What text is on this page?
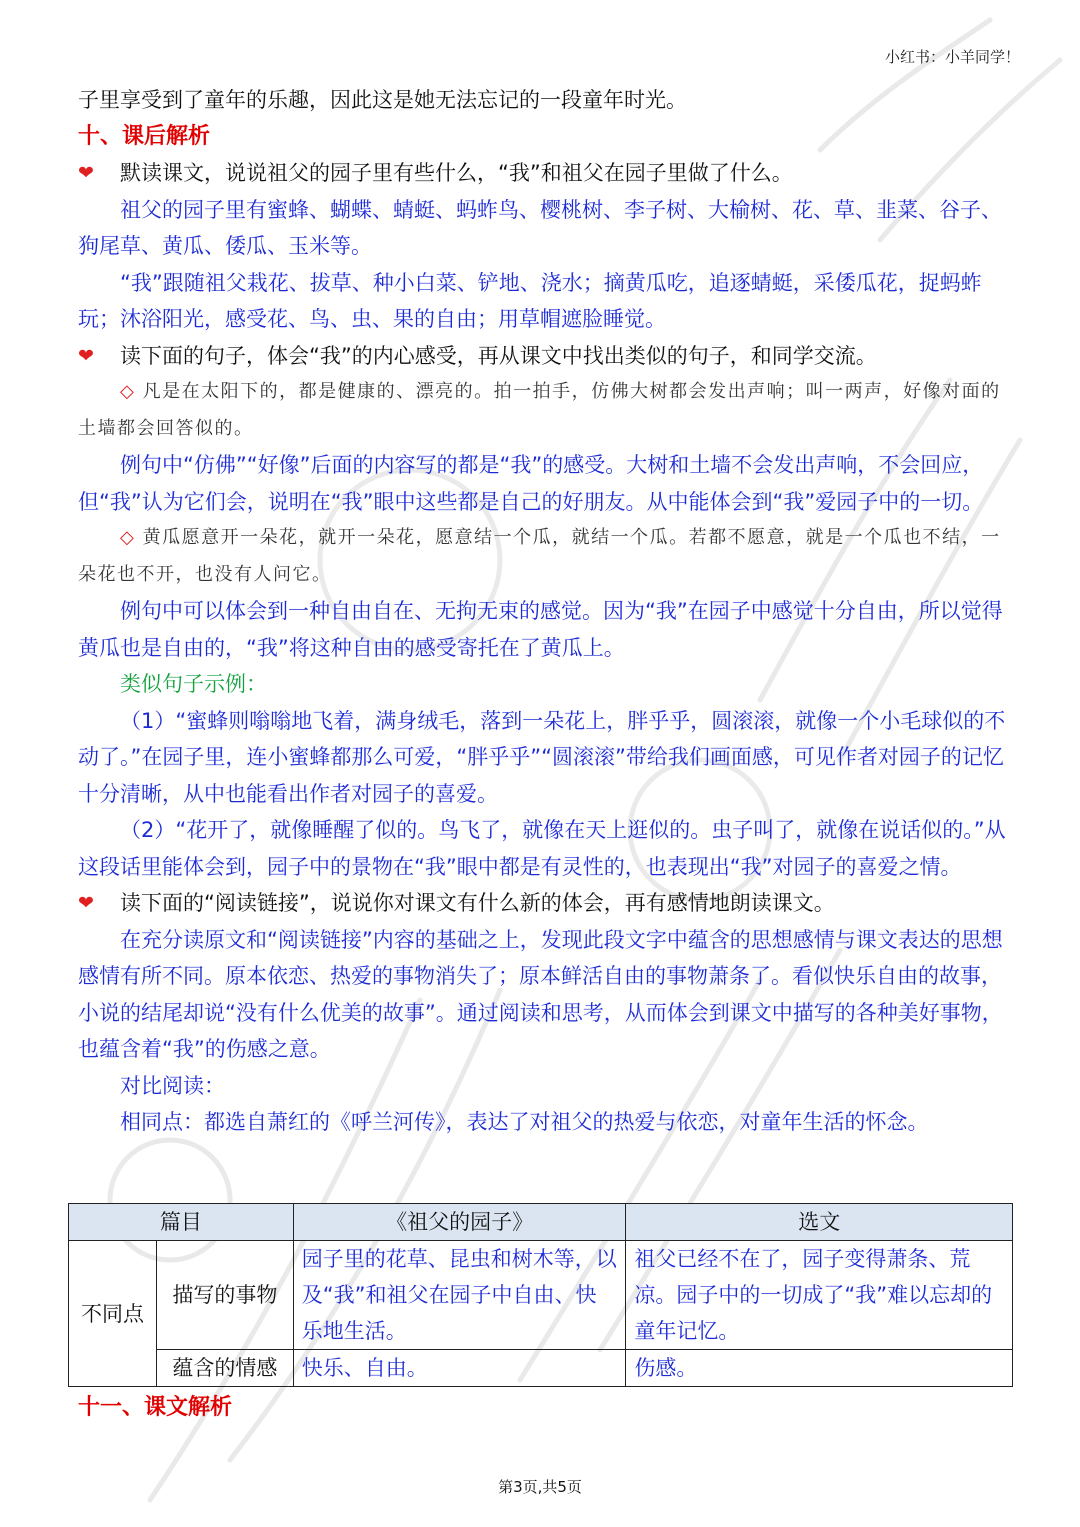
小红书：小羊同学！

子里享受到了童年的乐趣，因此这是她无法忘记的一段童年时光。

十、课后解析

❤ 默读课文，说说祖父的园子里有些什么，“我”和祖父在园子里做了什么。

祖父的园子里有蜜蜂、蝴蝶、蜻蜓、蚂蚱鸟、樱桃树、李子树、大榆树、花、草、韭菜、谷子、狗尾草、黄瓜、倭瓜、玉米等。

“我”跟随祖父栽花、拔草、种小白菜、铲地、浇水；摘黄瓜吃，追逐蜻蜓，采倭瓜花，捉蚂蚱玩；沐浴阳光，感受花、鸟、虫、果的自由；用草帽遮脸睡觉。

❤ 读下面的句子，体会“我”的内心感受，再从课文中找出类似的句子，和同学交流。

◇ 凡是在太阳下的，都是健康的、漂亮的。拍一拍手，仿佛大树都会发出声响；叫一两声，好像对面的土墙都会回答似的。

例句中“仿佛”“好像”后面的内容写的都是“我”的感受。大树和土墙不会发出声响，不会回应，但“我”认为它们会，说明在“我”眼中这些都是自己的好朋友。从中能体会到“我”爱园子中的一切。

◇ 黄瓜愿意开一朵花，就开一朵花，愿意结一个瓜，就结一个瓜。若都不愿意，就是一个瓜也不结，一朵花也不开，也没有人问它。

例句中可以体会到一种自由自在、无拘无束的感觉。因为“我”在园子中感觉十分自由，所以觉得黄瓜也是自由的，“我”将这种自由的感受寄托在了黄瓜上。

类似句子示例：

（1）“蜜蜂则嗡嗡地飞着，满身绒毛，落到一朵花上，胖乎乎，圆滚滚，就像一个小毛球似的不动了。”在园子里，连小蜜蜂都那么可爱，“胖乎乎”“圆滚滚”带给我们画面感，可见作者对园子的记忆十分清晰，从中也能看出作者对园子的喜爱。

（2）“花开了，就像睡醒了似的。鸟飞了，就像在天上逛似的。虫子叫了，就像在说话似的。”从这段话里能体会到，园子中的景物在“我”眼中都是有灵性的，也表现出“我”对园子的喜爱之情。

❤ 读下面的“阅读链接”，说说你对课文有什么新的体会，再有感情地朗读课文。

在充分读原文和“阅读链接”内容的基础之上，发现此段文字中蕴含的思想感情与课文表达的思想感情有所不同。原本依恋、热爱的事物消失了；原本鲜活自由的事物萧条了。看似快乐自由的故事，小说的结尾却说“没有什么优美的故事”。通过阅读和思考，从而体会到课文中描写的各种美好事物，也蕴含着“我”的伤感之意。

对比阅读：

相同点：都选自萧红的《呼兰河传》，表达了对祖父的热爱与依恋，对童年生活的怀念。

篇目		《祖父的园子》	选文
不同点	描写的事物	园子里的花草、昆虫和树木等，以及“我”和祖父在园子中自由、快乐地生活。	祖父已经不在了，园子变得萧条、荒凉。园子中的一切成了“我”难以忘却的童年记忆。
	蕴含的情感	快乐、自由。	伤感。

十一、课文解析

第3页,共5页
